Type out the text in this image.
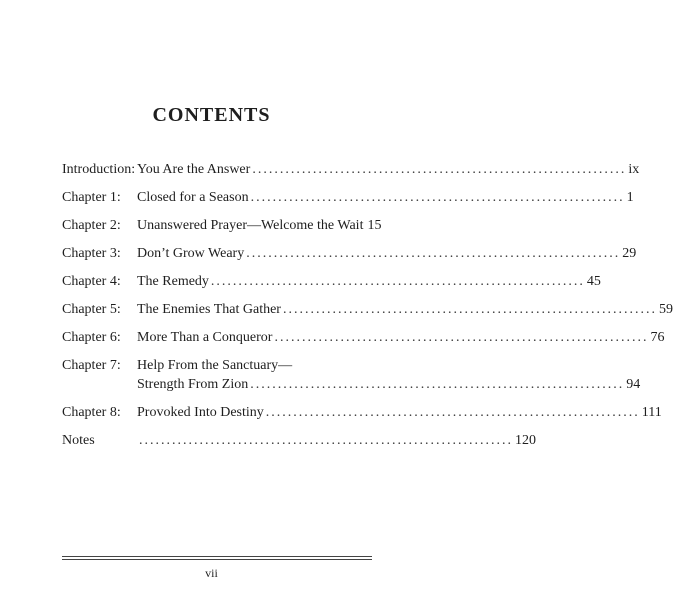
CONTENTS
Introduction: You Are the Answer .................................................................... ix
Chapter 1: Closed for a Season .................................................................... 1
Chapter 2: Unanswered Prayer—Welcome the Wait 15
Chapter 3: Don’t Grow Weary .................................................................... 29
Chapter 4: The Remedy .................................................................... 45
Chapter 5: The Enemies That Gather .................................................................... 59
Chapter 6: More Than a Conqueror .................................................................... 76
Chapter 7: Help From the Sanctuary—
Strength From Zion .................................................................... 94
Chapter 8: Provoked Into Destiny .................................................................... 111
Notes	.................................................................... 120
vii
